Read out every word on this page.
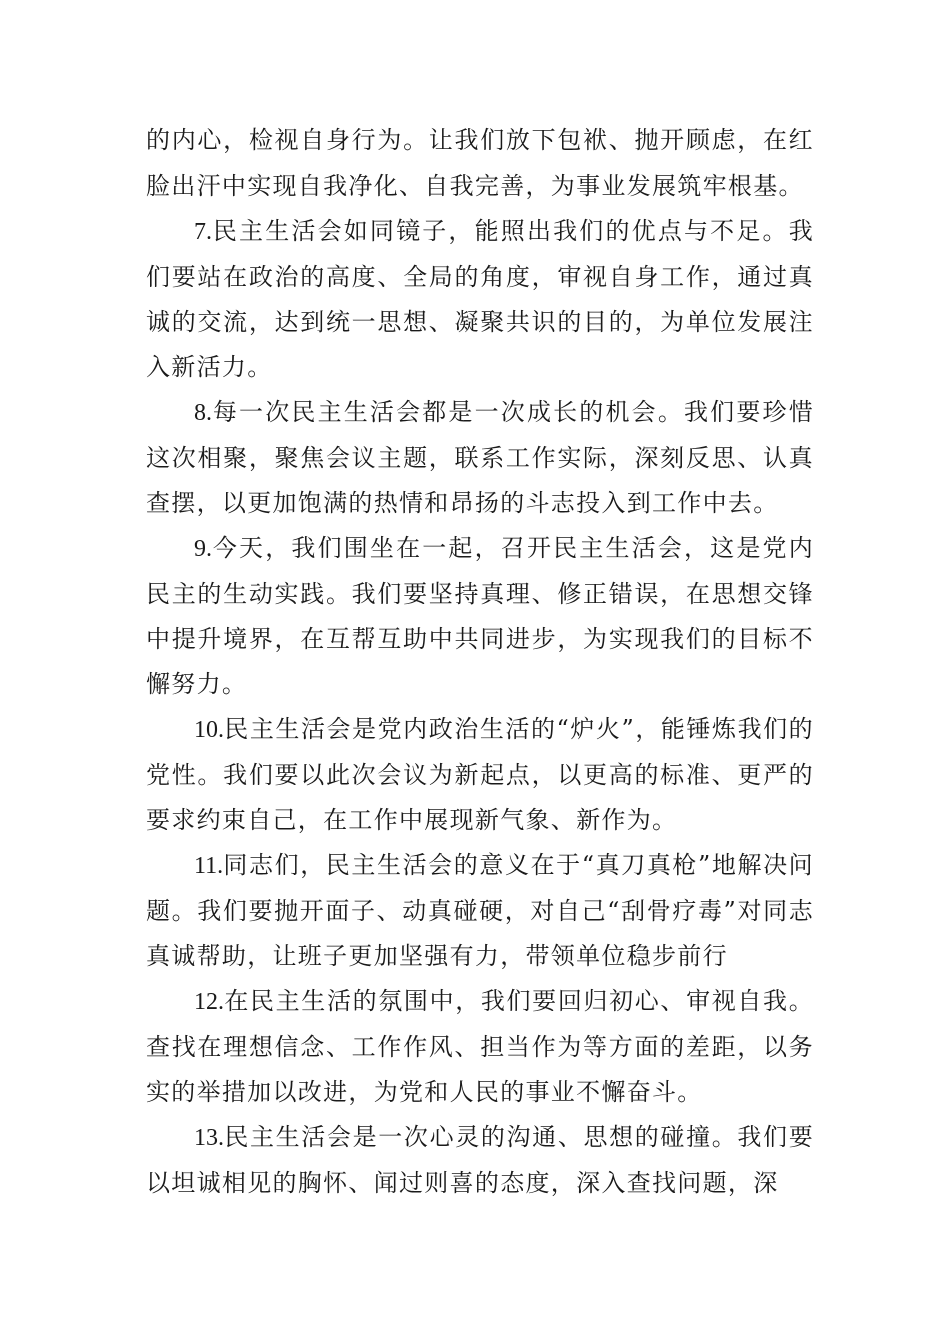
的内心，检视自身行为。让我们放下包袱、抛开顾虑，在红脸出汗中实现自我净化、自我完善，为事业发展筑牢根基。

7.民主生活会如同镜子，能照出我们的优点与不足。我们要站在政治的高度、全局的角度，审视自身工作，通过真诚的交流，达到统一思想、凝聚共识的目的，为单位发展注入新活力。

8.每一次民主生活会都是一次成长的机会。我们要珍惜这次相聚，聚焦会议主题，联系工作实际，深刻反思、认真查摆，以更加饱满的热情和昂扬的斗志投入到工作中去。

9.今天，我们围坐在一起，召开民主生活会，这是党内民主的生动实践。我们要坚持真理、修正错误，在思想交锋中提升境界，在互帮互助中共同进步，为实现我们的目标不懈努力。

10.民主生活会是党内政治生活的“炉火”，能锤炼我们的党性。我们要以此次会议为新起点，以更高的标准、更严的要求约束自己，在工作中展现新气象、新作为。

11.同志们，民主生活会的意义在于“真刀真枪”地解决问题。我们要抛开面子、动真碰硬，对自己“刮骨疗毒”对同志真诚帮助，让班子更加坚强有力，带领单位稳步前行

12.在民主生活的氛围中，我们要回归初心、审视自我。查找在理想信念、工作作风、担当作为等方面的差距，以务实的举措加以改进，为党和人民的事业不懈奋斗。

13.民主生活会是一次心灵的沟通、思想的碰撞。我们要以坦诚相见的胸怀、闻过则喜的态度，深入查找问题，深
